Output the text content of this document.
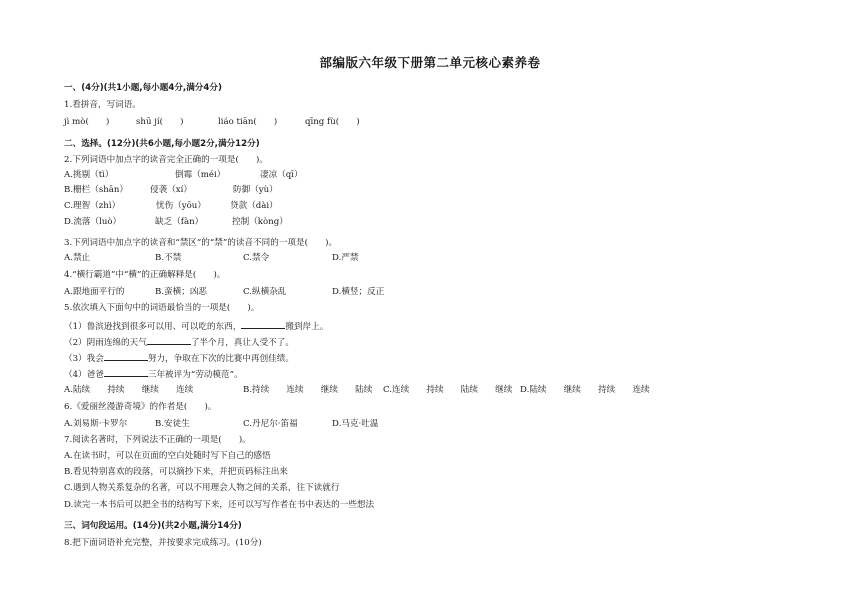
部编版六年级下册第二单元核心素养卷
一、(4分)(共1小题,每小题4分,满分4分)
1.看拼音，写词语。
jì mò(　　)	shū jí(　　)	liáo tiān(　　)	qīng fù(　　)
二、选择。(12分)(共6小题,每小题2分,满分12分)
2.下列词语中加点字的读音完全正确的一项是(　　)。
A.挑剔（tì）	倒霉（méi）	凄凉（qī）
B.栅栏（shān）	侵袭（xí）	防御（yù）
C.理智（zhì）	忧伤（yōu）	贷款（dài）
D.流落（luò）	缺乏（fàn）	控制（kòng）
3.下列词语中加点字的读音和“禁区”的“禁”的读音不同的一项是(　　)。
A.禁止	B.不禁	C.禁令	D.严禁
4.“横行霸道”中“横”的正确解释是(　　)。
A.跟地面平行的	B.蛮横；凶恶	C.纵横杂乱	D.横竖；反正
5.依次填入下面句中的词语最恰当的一项是(　　)。
（1）鲁滨逊找到很多可以用、可以吃的东西，	搬到岸上。
（2）阴雨连绵的天气	了半个月，真让人受不了。
（3）我会	努力，争取在下次的比赛中再创佳绩。
（4）爸爸	三年被评为“劳动模范”。
A.陆续　　持续　　继续　　连续	B.持续　　连续　　继续　　陆续 C.连续　　持续　　陆续　　继续 D.陆续　　继续　　持续　　连续
6.《爱丽丝漫游奇境》的作者是(　　)。
A.刘易斯·卡罗尔	B.安徒生	C.丹尼尔·笛福	D.马克·吐温
7.阅读名著时，下列说法不正确的一项是(　　)。
A.在读书时，可以在页面的空白处随时写下自己的感悟
B.看见特别喜欢的段落，可以摘抄下来，并把页码标注出来
C.遇到人物关系复杂的名著，可以不用理会人物之间的关系，往下读就行
D.读完一本书后可以把全书的结构写下来，还可以写写作者在书中表达的一些想法
三、词句段运用。(14分)(共2小题,满分14分)
8.把下面词语补充完整，并按要求完成练习。(10分)
